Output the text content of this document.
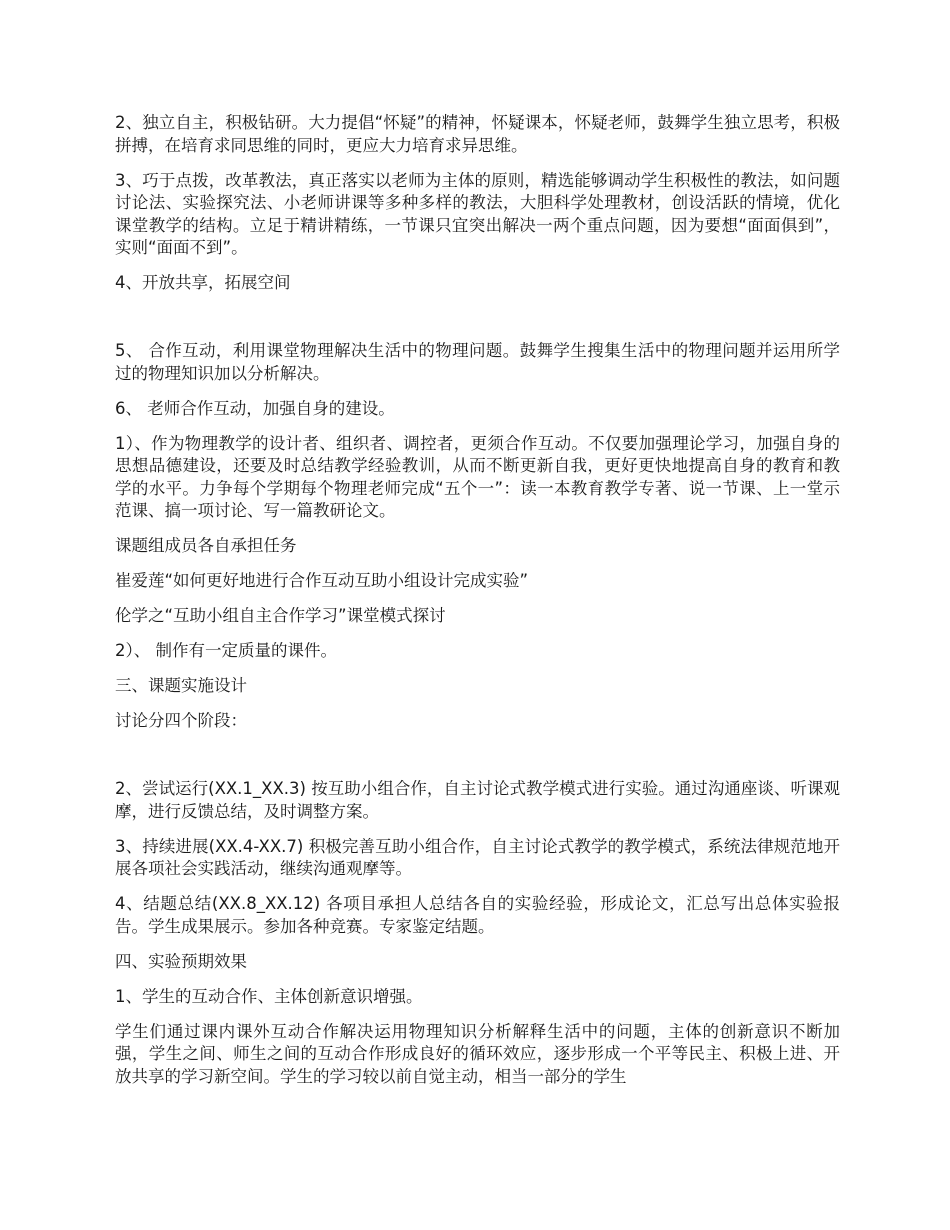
2、独立自主，积极钻研。大力提倡“怀疑”的精神，怀疑课本，怀疑老师，鼓舞学生独立思考，积极拼搏，在培育求同思维的同时，更应大力培育求异思维。

3、巧于点拨，改革教法，真正落实以老师为主体的原则，精选能够调动学生积极性的教法，如问题讨论法、实验探究法、小老师讲课等多种多样的教法，大胆科学处理教材，创设活跃的情境，优化课堂教学的结构。立足于精讲精练，一节课只宜突出解决一两个重点问题，因为要想“面面俱到”，实则“面面不到”。

4、开放共享，拓展空间

5、 合作互动，利用课堂物理解决生活中的物理问题。鼓舞学生搜集生活中的物理问题并运用所学过的物理知识加以分析解决。

6、 老师合作互动，加强自身的建设。

1）、作为物理教学的设计者、组织者、调控者，更须合作互动。不仅要加强理论学习，加强自身的思想品德建设，还要及时总结教学经验教训，从而不断更新自我，更好更快地提高自身的教育和教学的水平。力争每个学期每个物理老师完成“五个一”：读一本教育教学专著、说一节课、上一堂示范课、搞一项讨论、写一篇教研论文。

课题组成员各自承担任务

崔爱莲“如何更好地进行合作互动互助小组设计完成实验”

伦学之“互助小组自主合作学习”课堂模式探讨

2）、 制作有一定质量的课件。

三、课题实施设计

讨论分四个阶段：

2、尝试运行(XX.1_XX.3) 按互助小组合作，自主讨论式教学模式进行实验。通过沟通座谈、听课观摩，进行反馈总结，及时调整方案。

3、持续进展(XX.4-XX.7) 积极完善互助小组合作，自主讨论式教学的教学模式，系统法律规范地开展各项社会实践活动，继续沟通观摩等。

4、结题总结(XX.8_XX.12) 各项目承担人总结各自的实验经验，形成论文，汇总写出总体实验报告。学生成果展示。参加各种竞赛。专家鉴定结题。

四、实验预期效果

1、学生的互动合作、主体创新意识增强。

学生们通过课内课外互动合作解决运用物理知识分析解释生活中的问题，主体的创新意识不断加强，学生之间、师生之间的互动合作形成良好的循环效应，逐步形成一个平等民主、积极上进、开放共享的学习新空间。学生的学习较以前自觉主动，相当一部分的学生
